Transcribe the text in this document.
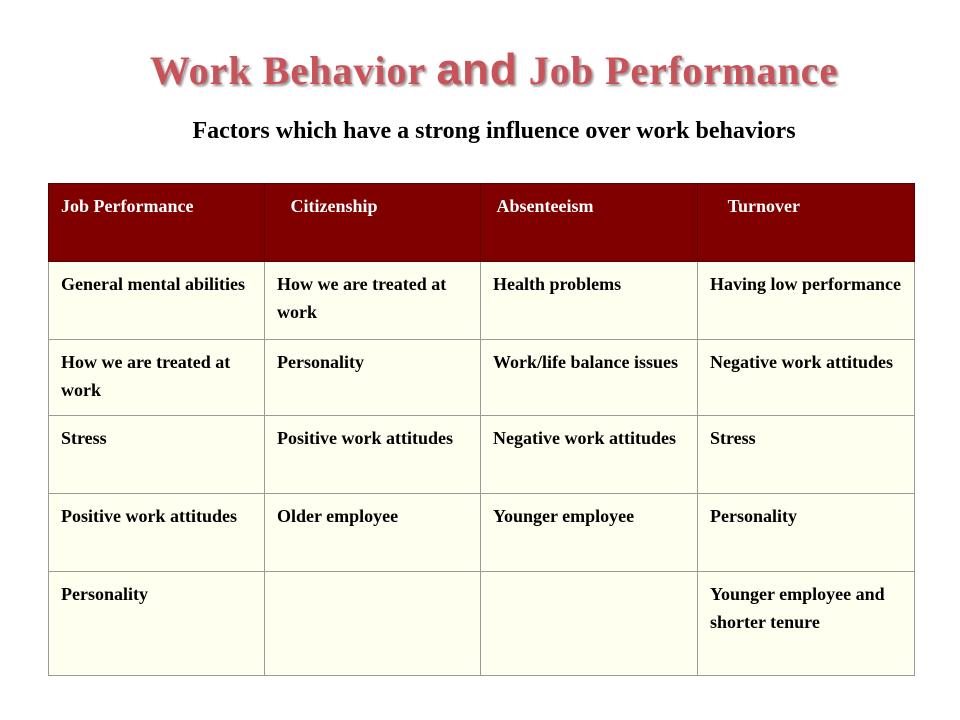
Work Behavior and Job Performance
Factors which have a strong influence over work behaviors
Job Performance	Citizenship	Absenteeism	Turnover
General mental abilities	How we are treated at work	Health problems	Having low performance
How we are treated at work	Personality	Work/life balance issues	Negative work attitudes
Stress	Positive work attitudes	Negative work attitudes	Stress
Positive work attitudes	Older employee	Younger employee	Personality
Personality			Younger employee and shorter tenure
